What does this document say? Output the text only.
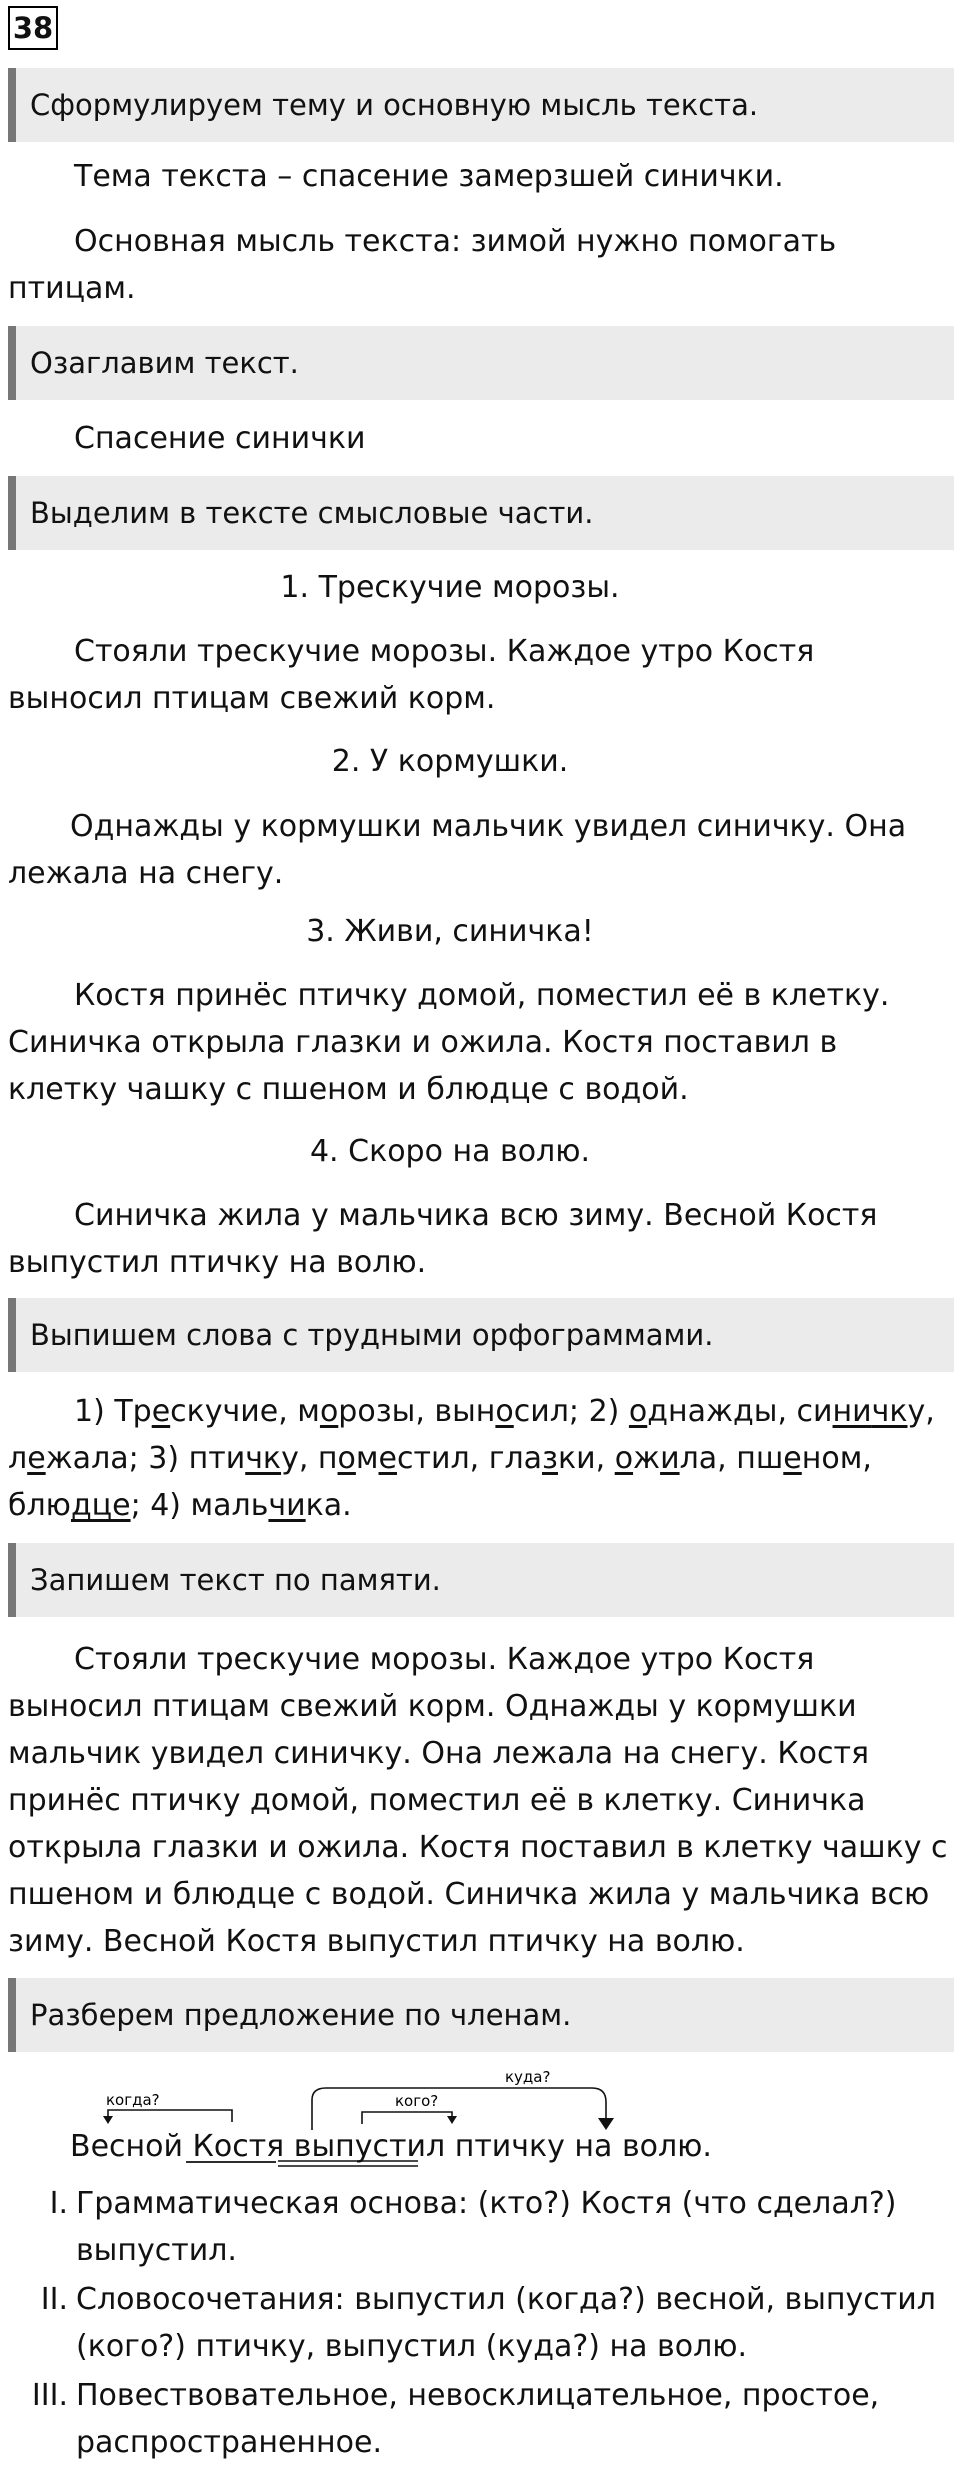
38
Сформулируем тему и основную мысль текста.

Тема текста – спасение замерзшей синички.

Основная мысль текста: зимой нужно помогать птицам.

Озаглавим текст.

Спасение синички

Выделим в тексте смысловые части.

1. Трескучие морозы.

Стояли трескучие морозы. Каждое утро Костя выносил птицам свежий корм.

2. У кормушки.

Однажды у кормушки мальчик увидел синичку. Она лежала на снегу.

3. Живи, синичка!

Костя принёс птичку домой, поместил её в клетку. Синичка открыла глазки и ожила. Костя поставил в клетку чашку с пшеном и блюдце с водой.

4. Скоро на волю.

Синичка жила у мальчика всю зиму. Весной Костя выпустил птичку на волю.

Выпишем слова с трудными орфограммами.

1) Трескучие, морозы, выносил; 2) однажды, синичку, лежала; 3) птичку, поместил, глазки, ожила, пшеном, блюдце; 4) мальчика.

Запишем текст по памяти.

Стояли трескучие морозы. Каждое утро Костя выносил птицам свежий корм. Однажды у кормушки мальчик увидел синичку. Она лежала на снегу. Костя принёс птичку домой, поместил её в клетку. Синичка открыла глазки и ожила. Костя поставил в клетку чашку с пшеном и блюдце с водой. Синичка жила у мальчика всю зиму. Весной Костя выпустил птичку на волю.

Разберем предложение по членам.
когда?	кого?
куда?
Весной Костя выпустил птичку на волю.
I. Грамматическая основа: (кто?) Костя (что сделал?) выпустил.

II. Словосочетания: выпустил (когда?) весной, выпустил (кого?) птичку, выпустил (куда?) на волю.

III. Повествовательное, невосклицательное, простое, распространенное.
